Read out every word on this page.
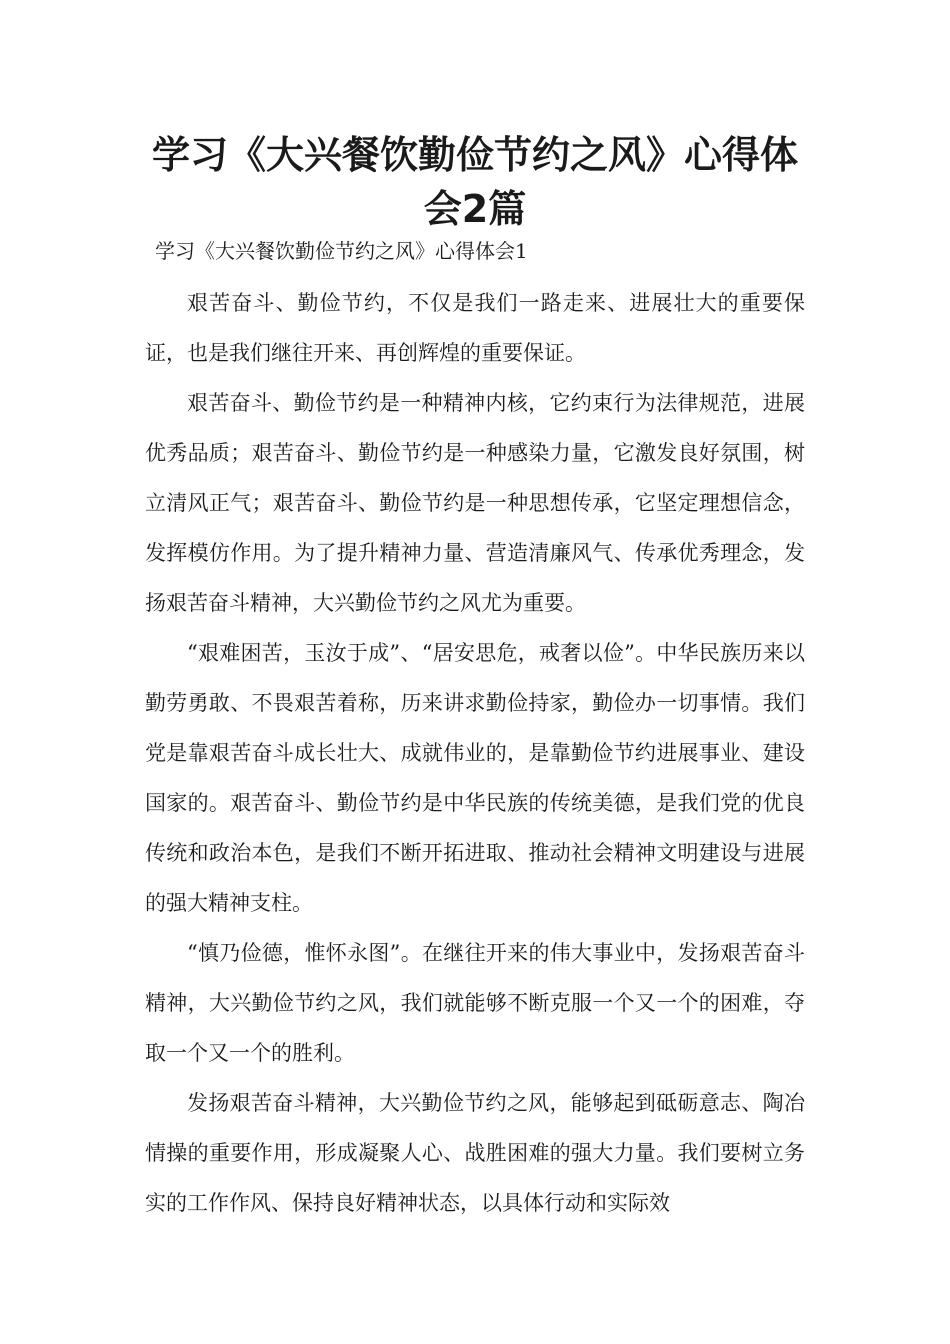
学习《大兴餐饮勤俭节约之风》心得体
会2篇

学习《大兴餐饮勤俭节约之风》心得体会1

艰苦奋斗、勤俭节约，不仅是我们一路走来、进展壮大的重要保证，也是我们继往开来、再创辉煌的重要保证。

艰苦奋斗、勤俭节约是一种精神内核，它约束行为法律规范，进展优秀品质；艰苦奋斗、勤俭节约是一种感染力量，它激发良好氛围，树立清风正气；艰苦奋斗、勤俭节约是一种思想传承，它坚定理想信念，发挥模仿作用。为了提升精神力量、营造清廉风气、传承优秀理念，发扬艰苦奋斗精神，大兴勤俭节约之风尤为重要。

“艰难困苦，玉汝于成”、“居安思危，戒奢以俭”。中华民族历来以勤劳勇敢、不畏艰苦着称，历来讲求勤俭持家，勤俭办一切事情。我们党是靠艰苦奋斗成长壮大、成就伟业的，是靠勤俭节约进展事业、建设国家的。艰苦奋斗、勤俭节约是中华民族的传统美德，是我们党的优良传统和政治本色，是我们不断开拓进取、推动社会精神文明建设与进展的强大精神支柱。

“慎乃俭德，惟怀永图”。在继往开来的伟大事业中，发扬艰苦奋斗精神，大兴勤俭节约之风，我们就能够不断克服一个又一个的困难，夺取一个又一个的胜利。

发扬艰苦奋斗精神，大兴勤俭节约之风，能够起到砥砺意志、陶冶情操的重要作用，形成凝聚人心、战胜困难的强大力量。我们要树立务实的工作作风、保持良好精神状态，以具体行动和实际效
